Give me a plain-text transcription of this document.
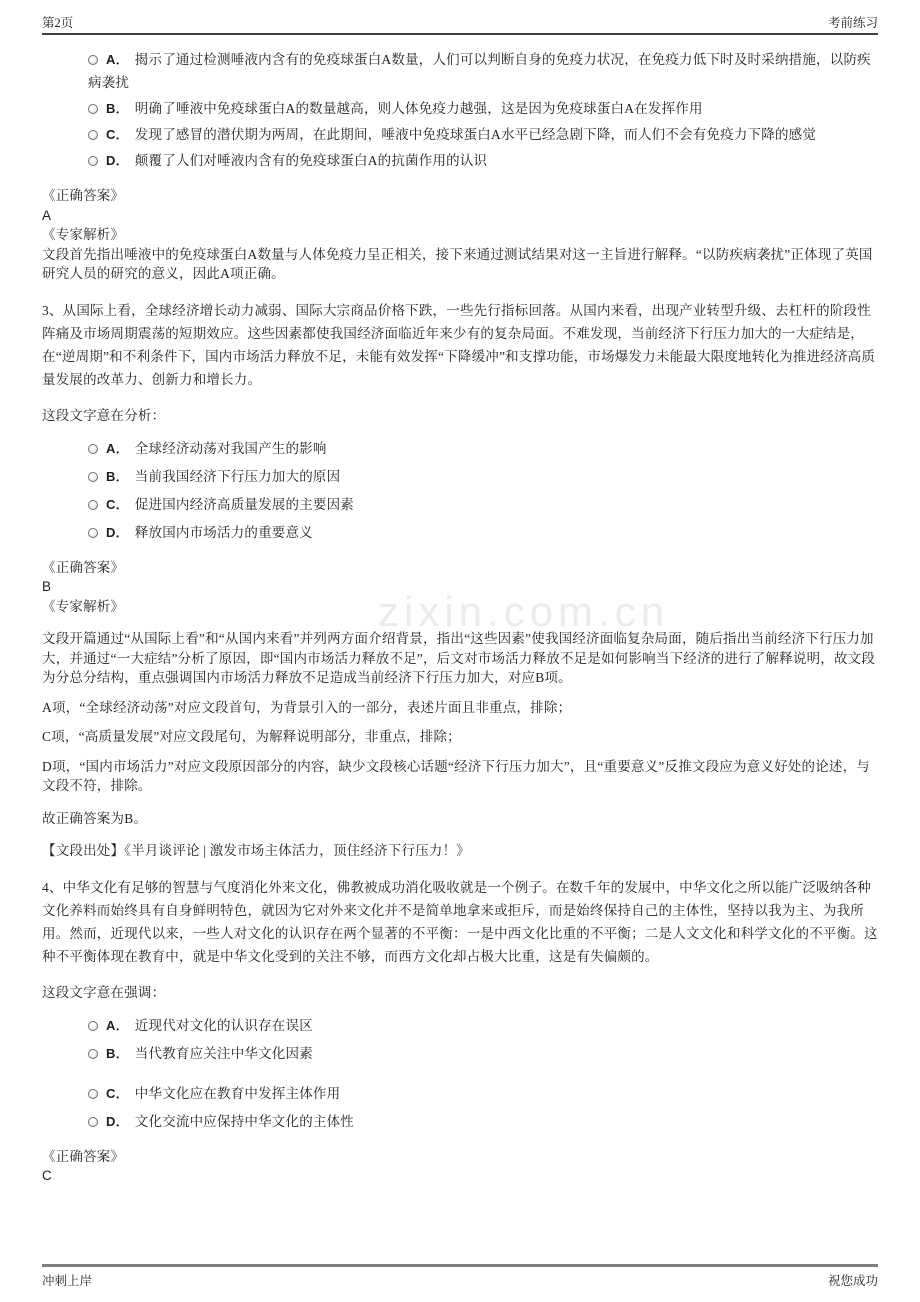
第2页	考前练习
zixin.com.cn
A． 揭示了通过检测唾液内含有的免疫球蛋白A数量，人们可以判断自身的免疫力状况，在免疫力低下时及时采纳措施，以防疾病袭扰
B． 明确了唾液中免疫球蛋白A的数量越高，则人体免疫力越强，这是因为免疫球蛋白A在发挥作用
C． 发现了感冒的潜伏期为两周，在此期间，唾液中免疫球蛋白A水平已经急剧下降，而人们不会有免疫力下降的感觉
D． 颠覆了人们对唾液内含有的免疫球蛋白A的抗菌作用的认识
《正确答案》
A
《专家解析》
文段首先指出唾液中的免疫球蛋白A数量与人体免疫力呈正相关，接下来通过测试结果对这一主旨进行解释。“以防疾病袭扰”正体现了英国研究人员的研究的意义，因此A项正确。

3、从国际上看，全球经济增长动力减弱、国际大宗商品价格下跌，一些先行指标回落。从国内来看，出现产业转型升级、去杠杆的阶段性阵痛及市场周期震荡的短期效应。这些因素都使我国经济面临近年来少有的复杂局面。不难发现，当前经济下行压力加大的一大症结是，在“逆周期”和不利条件下，国内市场活力释放不足，未能有效发挥“下降缓冲”和支撑功能，市场爆发力未能最大限度地转化为推进经济高质量发展的改革力、创新力和增长力。

这段文字意在分析：

A． 全球经济动荡对我国产生的影响
B． 当前我国经济下行压力加大的原因
C． 促进国内经济高质量发展的主要因素
D． 释放国内市场活力的重要意义
《正确答案》
B
《专家解析》
文段开篇通过“从国际上看”和“从国内来看”并列两方面介绍背景，指出“这些因素”使我国经济面临复杂局面，随后指出当前经济下行压力加大，并通过“一大症结”分析了原因，即“国内市场活力释放不足”，后文对市场活力释放不足是如何影响当下经济的进行了解释说明，故文段为分总分结构，重点强调国内市场活力释放不足造成当前经济下行压力加大，对应B项。
A项，“全球经济动荡”对应文段首句，为背景引入的一部分，表述片面且非重点，排除；
C项，“高质量发展”对应文段尾句，为解释说明部分，非重点，排除；
D项，“国内市场活力”对应文段原因部分的内容，缺少文段核心话题“经济下行压力加大”，且“重要意义”反推文段应为意义好处的论述，与文段不符，排除。
故正确答案为B。
【文段出处】《半月谈评论 | 激发市场主体活力，顶住经济下行压力！》

4、中华文化有足够的智慧与气度消化外来文化，佛教被成功消化吸收就是一个例子。在数千年的发展中，中华文化之所以能广泛吸纳各种文化养料而始终具有自身鲜明特色，就因为它对外来文化并不是简单地拿来或拒斥，而是始终保持自己的主体性，坚持以我为主、为我所用。然而，近现代以来，一些人对文化的认识存在两个显著的不平衡：一是中西文化比重的不平衡；二是人文文化和科学文化的不平衡。这种不平衡体现在教育中，就是中华文化受到的关注不够，而西方文化却占极大比重，这是有失偏颇的。

这段文字意在强调：

A． 近现代对文化的认识存在误区
B． 当代教育应关注中华文化因素
C． 中华文化应在教育中发挥主体作用
D． 文化交流中应保持中华文化的主体性
《正确答案》
C
冲刺上岸	祝您成功
